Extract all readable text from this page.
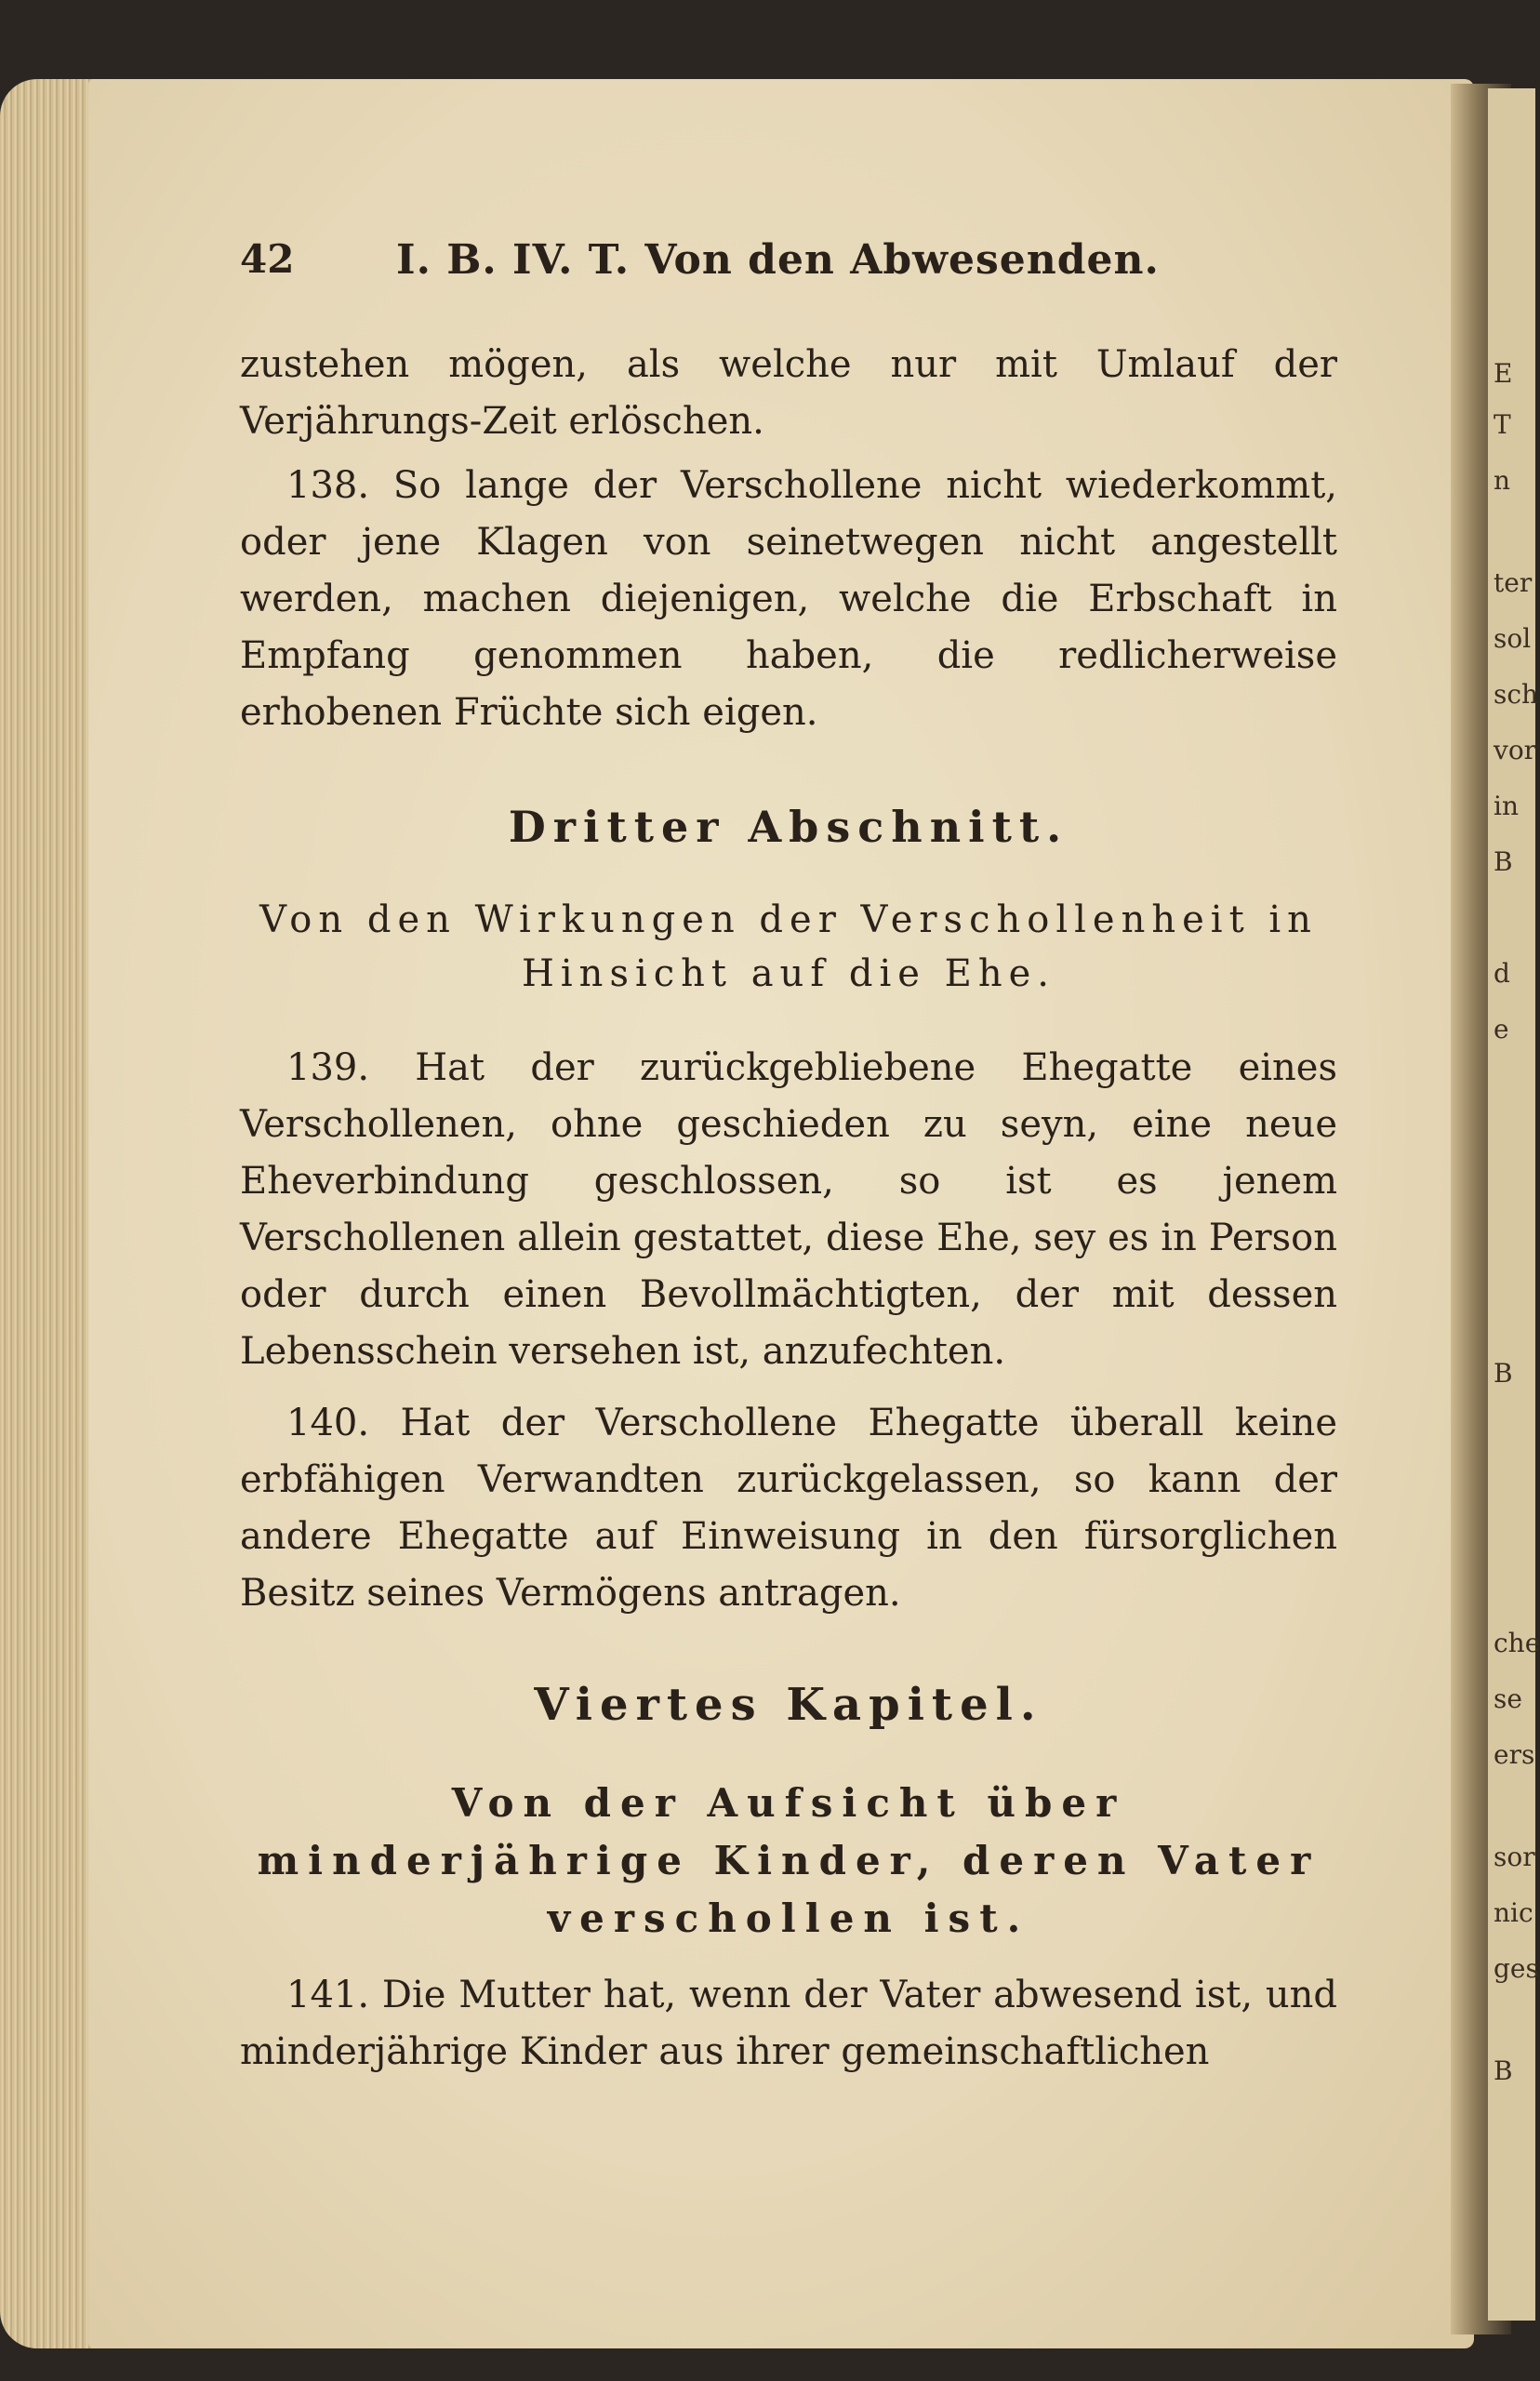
E
T
n
ter
sol
sch
vor
in
B
d
e
B
che
se
ers
sor
nic
ges
B
42 I. B. IV. T. Von den Abwesenden.
zustehen mögen, als welche nur mit Umlauf der Verjährungs-Zeit erlöschen.
138. So lange der Verschollene nicht wiederkommt, oder jene Klagen von seinetwegen nicht angestellt werden, machen diejenigen, welche die Erbschaft in Empfang genommen haben, die redlicherweise erhobenen Früchte sich eigen.
Dritter Abschnitt.
Von den Wirkungen der Verschollenheit in Hinsicht auf die Ehe.
139. Hat der zurückgebliebene Ehegatte eines Verschollenen, ohne geschieden zu seyn, eine neue Eheverbindung geschlossen, so ist es jenem Verschollenen allein gestattet, diese Ehe, sey es in Person oder durch einen Bevollmächtigten, der mit dessen Lebensschein versehen ist, anzufechten.
140. Hat der Verschollene Ehegatte überall keine erbfähigen Verwandten zurückgelassen, so kann der andere Ehegatte auf Einweisung in den fürsorglichen Besitz seines Vermögens antragen.
Viertes Kapitel.
Von der Aufsicht über minderjährige Kinder, deren Vater verschollen ist.
141. Die Mutter hat, wenn der Vater abwesend ist, und minderjährige Kinder aus ihrer gemeinschaftlichen
